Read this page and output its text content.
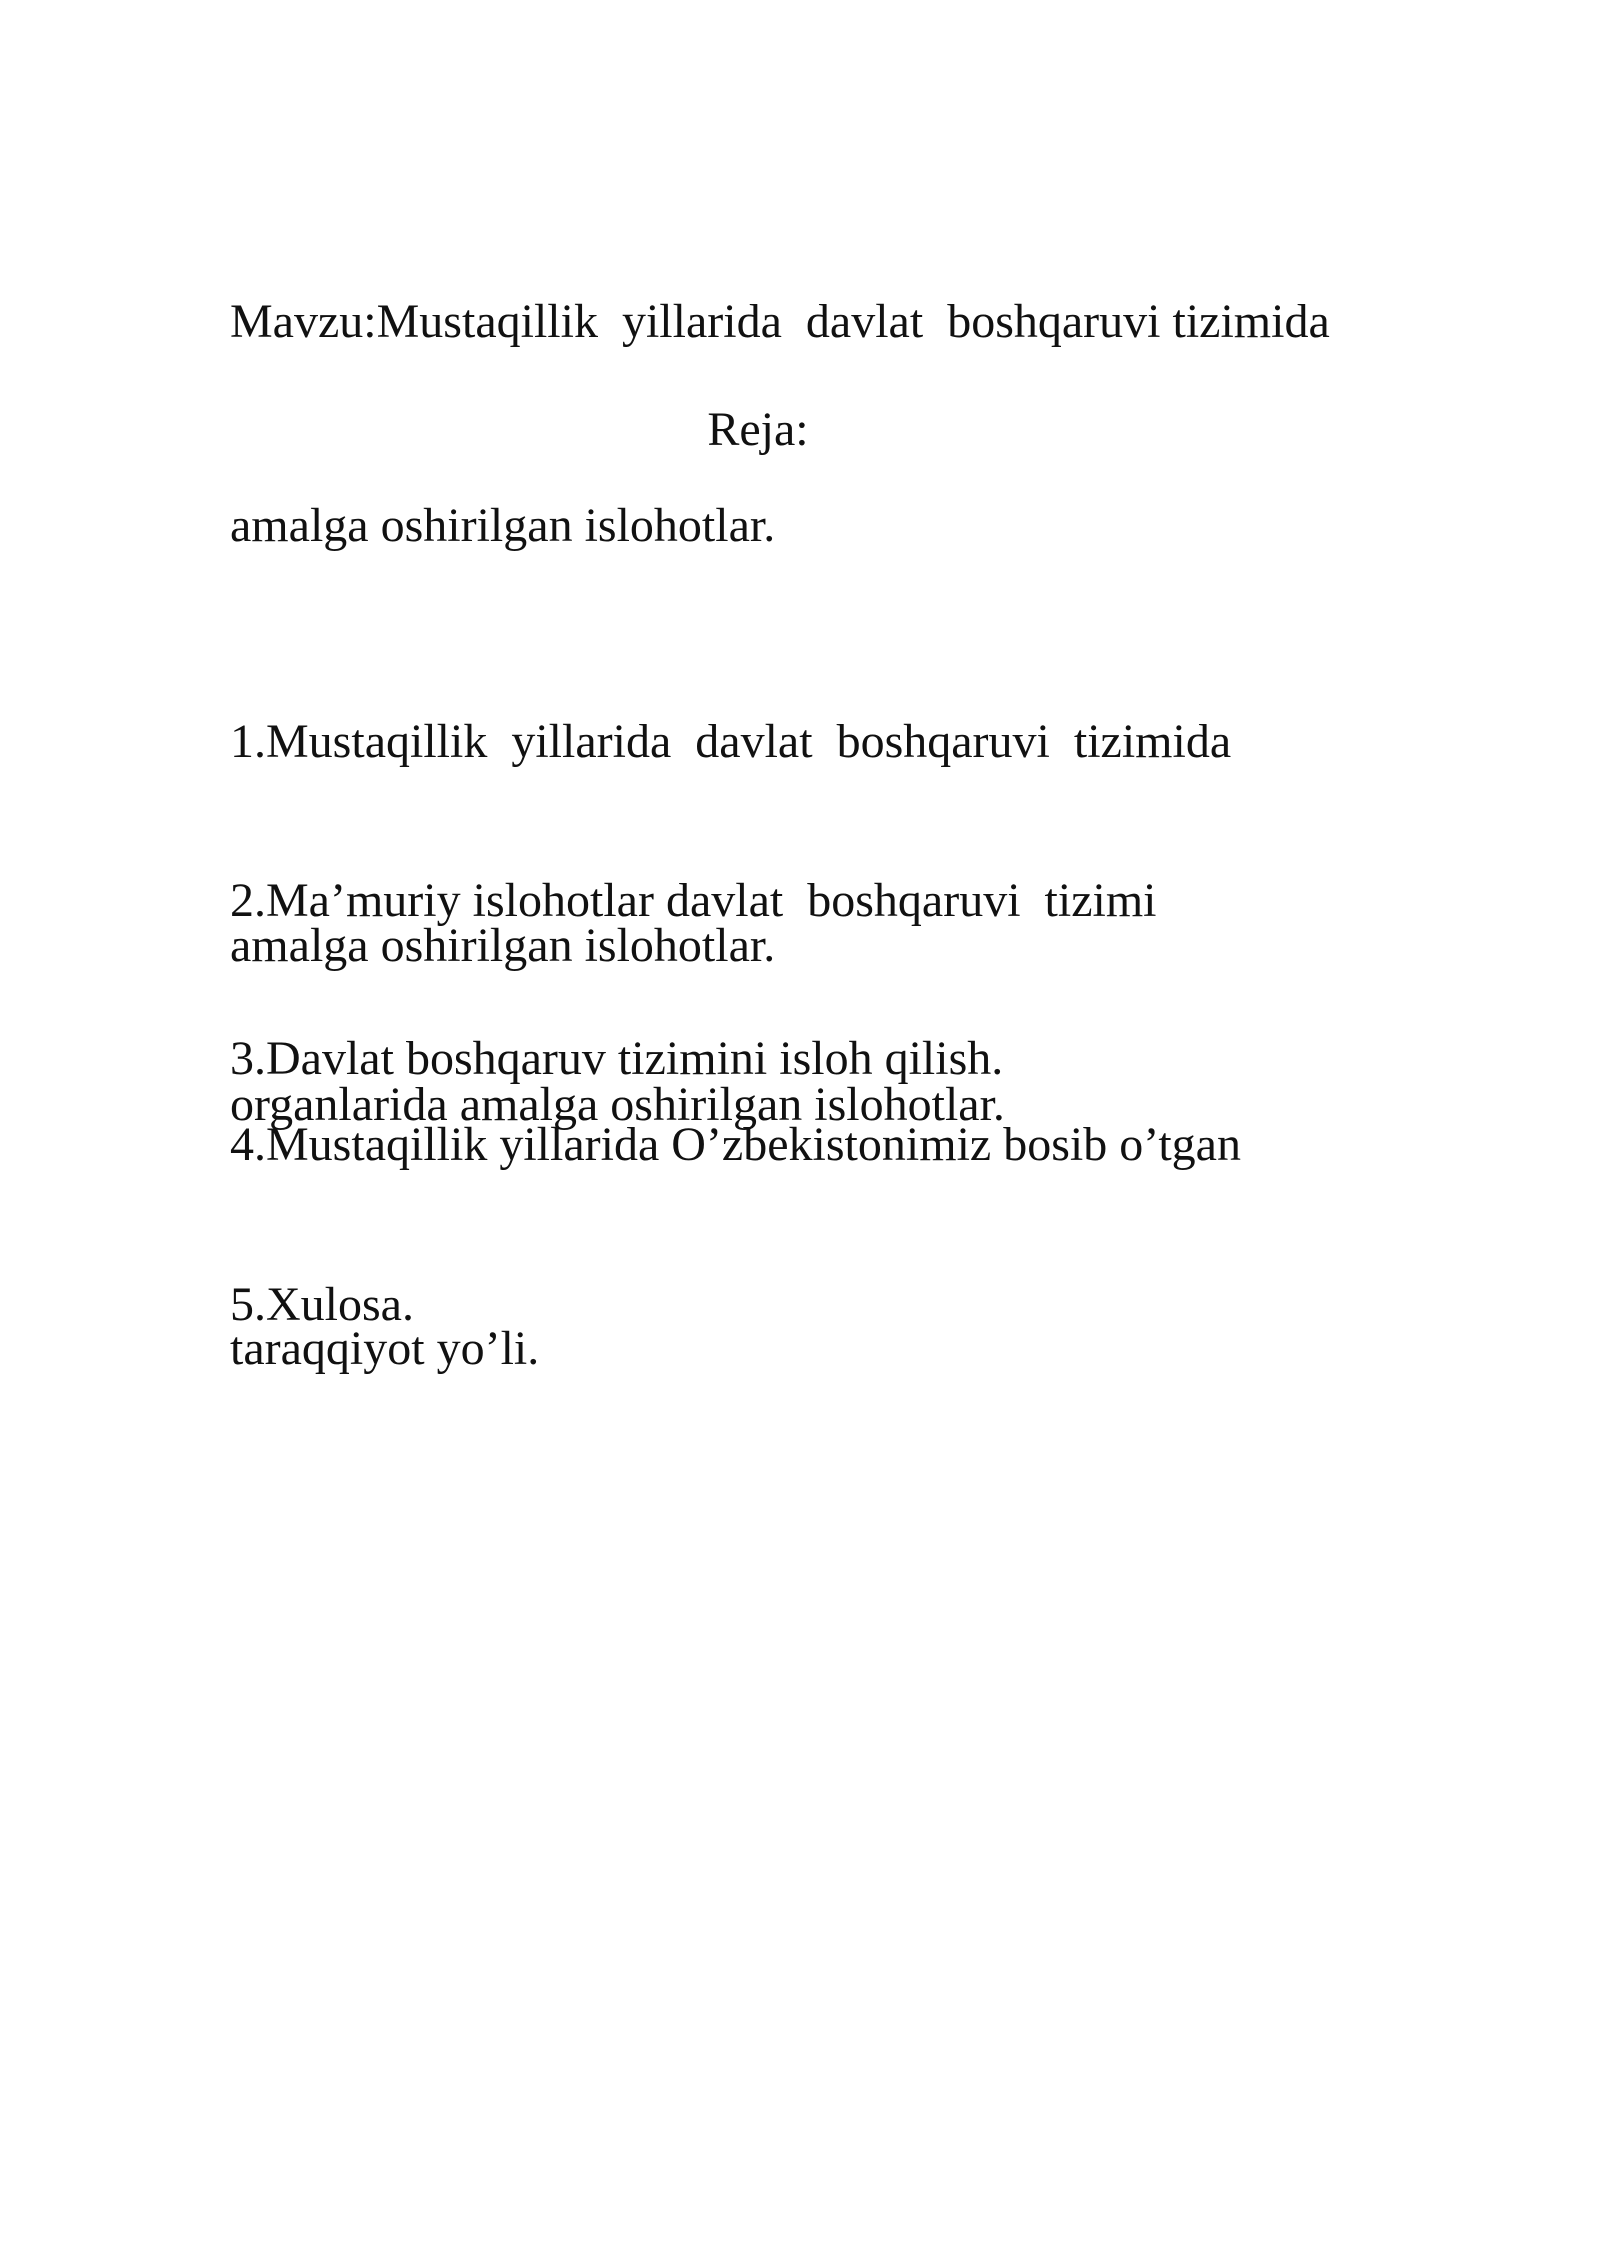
Mavzu:Mustaqillik  yillarida  davlat  boshqaruvi tizimida

amalga oshirilgan islohotlar.

Reja:

1.Mustaqillik  yillarida  davlat  boshqaruvi  tizimida

amalga oshirilgan islohotlar.

2.Ma’muriy islohotlar davlat  boshqaruvi  tizimi

organlarida amalga oshirilgan islohotlar.

3.Davlat boshqaruv tizimini isloh qilish.

4.Mustaqillik yillarida O’zbekistonimiz bosib o’tgan

taraqqiyot yo’li.

5.Xulosa.
